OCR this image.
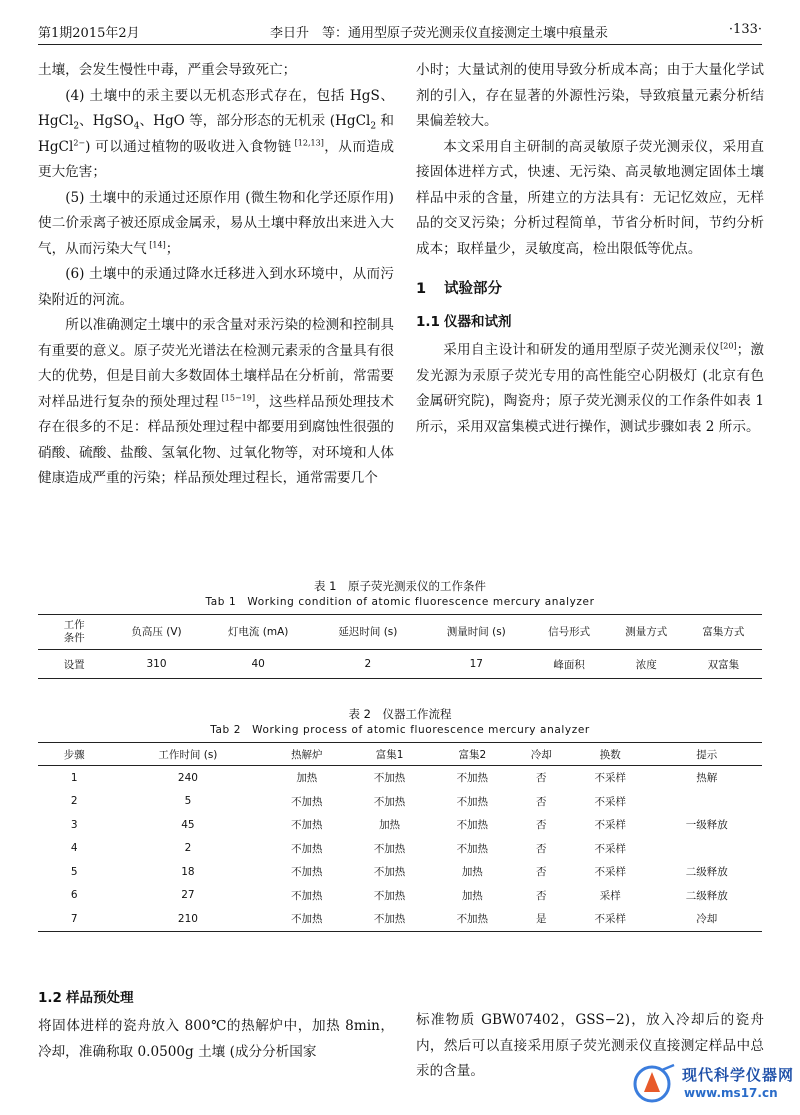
第1期2015年2月	李日升　等：通用型原子荧光测汞仪直接测定土壤中痕量汞	·133·

土壤，会发生慢性中毒，严重会导致死亡；

(4) 土壤中的汞主要以无机态形式存在，包括 HgS、HgCl$_2$、HgSO$_4$、HgO 等，部分形态的无机汞 (HgCl$_2$ 和 HgCl$^{2-}$) 可以通过植物的吸收进入食物链 [12,13]，从而造成更大危害；

(5) 土壤中的汞通过还原作用 (微生物和化学还原作用) 使二价汞离子被还原成金属汞，易从土壤中释放出来进入大气，从而污染大气 [14]；

(6) 土壤中的汞通过降水迁移进入到水环境中，从而污染附近的河流。

所以准确测定土壤中的汞含量对汞污染的检测和控制具有重要的意义。原子荧光光谱法在检测元素汞的含量具有很大的优势，但是目前大多数固体土壤样品在分析前，常需要对样品进行复杂的预处理过程 [15−19]，这些样品预处理技术存在很多的不足：样品预处理过程中都要用到腐蚀性很强的硝酸、硫酸、盐酸、氢氧化物、过氧化物等，对环境和人体健康造成严重的污染；样品预处理过程长，通常需要几个

小时；大量试剂的使用导致分析成本高；由于大量化学试剂的引入，存在显著的外源性污染，导致痕量元素分析结果偏差较大。

本文采用自主研制的高灵敏原子荧光测汞仪，采用直接固体进样方式，快速、无污染、高灵敏地测定固体土壤样品中汞的含量，所建立的方法具有：无记忆效应，无样品的交叉污染；分析过程简单，节省分析时间，节约分析成本；取样量少，灵敏度高，检出限低等优点。

1 试验部分
1.1 仪器和试剂

采用自主设计和研发的通用型原子荧光测汞仪[20]；激发光源为汞原子荧光专用的高性能空心阴极灯 (北京有色金属研究院)，陶瓷舟；原子荧光测汞仪的工作条件如表 1 所示，采用双富集模式进行操作，测试步骤如表 2 所示。

表 1　原子荧光测汞仪的工作条件
Tab 1　Working condition of atomic fluorescence mercury analyzer
工作
条件	负高压 (V)	灯电流 (mA)	延迟时间 (s)	测量时间 (s)	信号形式	测量方式	富集方式
设置	310	40	2	17	峰面积	浓度	双富集
表 2　仪器工作流程
Tab 2　Working process of atomic fluorescence mercury analyzer
步骤	工作时间 (s)	热解炉	富集1	富集2	冷却	换数	提示
1	240	加热	不加热	不加热	否	不采样	热解
2	5	不加热	不加热	不加热	否	不采样	
3	45	不加热	加热	不加热	否	不采样	一级释放
4	2	不加热	不加热	不加热	否	不采样	
5	18	不加热	不加热	加热	否	不采样	二级释放
6	27	不加热	不加热	加热	否	采样	二级释放
7	210	不加热	不加热	不加热	是	不采样	冷却
1.2 样品预处理

将固体进样的瓷舟放入 800℃的热解炉中，加热 8min，冷却，准确称取 0.0500g 土壤 (成分分析国家

标准物质 GBW07402，GSS−2)，放入冷却后的瓷舟内，然后可以直接采用原子荧光测汞仪直接测定样品中总汞的含量。	现代科学仪器网
www.ms17.cn
